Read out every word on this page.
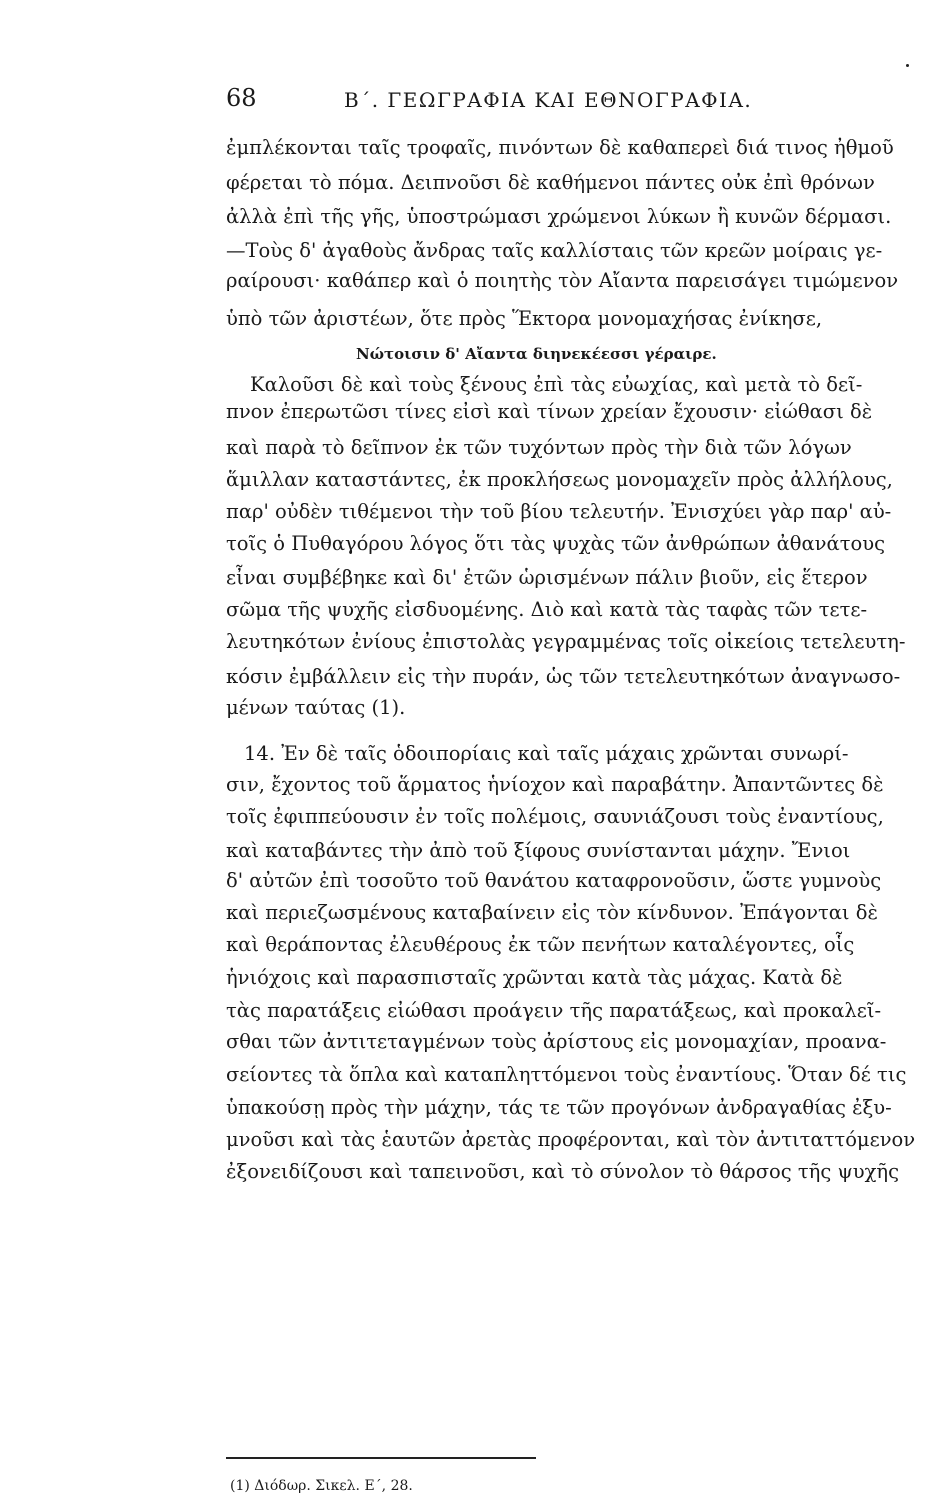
68	Β΄. ΓΕΩΓΡΑΦΙΑ ΚΑΙ ΕΘΝΟΓΡΑΦΙΑ.
ἐμπλέκονται ταῖς τροφαῖς, πινόντων δὲ καθαπερεὶ διά τινος ἠθμοῦ
φέρεται τὸ πόμα. Δειπνοῦσι δὲ καθήμενοι πάντες οὐκ ἐπὶ θρόνων
ἀλλὰ ἐπὶ τῆς γῆς, ὑποστρώμασι χρώμενοι λύκων ἢ κυνῶν δέρμασι.
—Τοὺς δ' ἀγαθοὺς ἄνδρας ταῖς καλλίσταις τῶν κρεῶν μοίραις γε-
ραίρουσι· καθάπερ καὶ ὁ ποιητὴς τὸν Αἴαντα παρεισάγει τιμώμενον
ὑπὸ τῶν ἀριστέων, ὅτε πρὸς Ἕκτορα μονομαχήσας ἐνίκησε,
Νώτοισιν δ' Αἴαντα διηνεκέεσσι γέραιρε.
Καλοῦσι δὲ καὶ τοὺς ξένους ἐπὶ τὰς εὐωχίας, καὶ μετὰ τὸ δεῖ-
πνον ἐπερωτῶσι τίνες εἰσὶ καὶ τίνων χρείαν ἔχουσιν· εἰώθασι δὲ
καὶ παρὰ τὸ δεῖπνον ἐκ τῶν τυχόντων πρὸς τὴν διὰ τῶν λόγων
ἅμιλλαν καταστάντες, ἐκ προκλήσεως μονομαχεῖν πρὸς ἀλλήλους,
παρ' οὐδὲν τιθέμενοι τὴν τοῦ βίου τελευτήν. Ἐνισχύει γὰρ παρ' αὐ-
τοῖς ὁ Πυθαγόρου λόγος ὅτι τὰς ψυχὰς τῶν ἀνθρώπων ἀθανάτους
εἶναι συμβέβηκε καὶ δι' ἐτῶν ὡρισμένων πάλιν βιοῦν, εἰς ἕτερον
σῶμα τῆς ψυχῆς εἰσδυομένης. Διὸ καὶ κατὰ τὰς ταφὰς τῶν τετε-
λευτηκότων ἐνίους ἐπιστολὰς γεγραμμένας τοῖς οἰκείοις τετελευτη-
κόσιν ἐμβάλλειν εἰς τὴν πυράν, ὡς τῶν τετελευτηκότων ἀναγνωσο-
μένων ταύτας (1).
14. Ἐν δὲ ταῖς ὁδοιπορίαις καὶ ταῖς μάχαις χρῶνται συνωρί-
σιν, ἔχοντος τοῦ ἅρματος ἡνίοχον καὶ παραβάτην. Ἀπαντῶντες δὲ
τοῖς ἐφιππεύουσιν ἐν τοῖς πολέμοις, σαυνιάζουσι τοὺς ἐναντίους,
καὶ καταβάντες τὴν ἀπὸ τοῦ ξίφους συνίστανται μάχην. Ἔνιοι
δ' αὐτῶν ἐπὶ τοσοῦτο τοῦ θανάτου καταφρονοῦσιν, ὥστε γυμνοὺς
καὶ περιεζωσμένους καταβαίνειν εἰς τὸν κίνδυνον. Ἐπάγονται δὲ
καὶ θεράποντας ἐλευθέρους ἐκ τῶν πενήτων καταλέγοντες, οἷς
ἡνιόχοις καὶ παρασπισταῖς χρῶνται κατὰ τὰς μάχας. Κατὰ δὲ
τὰς παρατάξεις εἰώθασι προάγειν τῆς παρατάξεως, καὶ προκαλεῖ-
σθαι τῶν ἀντιτεταγμένων τοὺς ἀρίστους εἰς μονομαχίαν, προανα-
σείοντες τὰ ὅπλα καὶ καταπληττόμενοι τοὺς ἐναντίους. Ὅταν δέ τις
ὑπακούσῃ πρὸς τὴν μάχην, τάς τε τῶν προγόνων ἀνδραγαθίας ἐξυ-
μνοῦσι καὶ τὰς ἑαυτῶν ἀρετὰς προφέρονται, καὶ τὸν ἀντιταττόμενον
ἐξονειδίζουσι καὶ ταπεινοῦσι, καὶ τὸ σύνολον τὸ θάρσος τῆς ψυχῆς
(1) Διόδωρ. Σικελ. Ε΄, 28.
